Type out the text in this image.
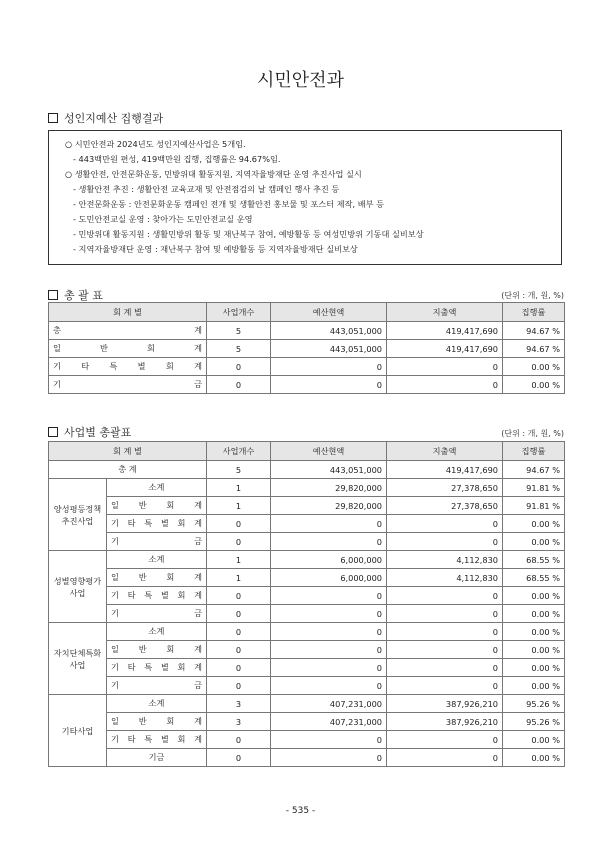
시민안전과
성인지예산 집행결과
○ 시민안전과 2024년도 성인지예산사업은 5개임.
- 443백만원 편성, 419백만원 집행, 집행률은 94.67%임.
○ 생활안전, 안전문화운동, 민방위대 활동지원, 지역자율방재단 운영 추진사업 실시
- 생활안전 추진 : 생활안전 교육교재 및 안전점검의 날 캠페인 행사 추진 등
- 안전문화운동 : 안전문화운동 캠페인 전개 및 생활안전 홍보물 및 포스터 제작, 배부 등
- 도민안전교실 운영 : 찾아가는 도민안전교실 운영
- 민방위대 활동지원 : 생활민방위 활동 및 재난복구 참여, 예방활동 등 여성민방위 기동대 실비보상
- 지역자율방재단 운영 : 재난복구 참여 및 예방활동 등 지역자율방재단 실비보상
총 괄 표	(단위 : 개, 원, %)
회 계 별	사업개수	예산현액	지출액	집행률
총 계	5	443,051,000	419,417,690	94.67 %
일 반 회 계	5	443,051,000	419,417,690	94.67 %
기 타 특 별 회 계	0	0	0	0.00 %
기 금	0	0	0	0.00 %
사업별 총괄표	(단위 : 개, 원, %)
회 계 별		사업개수	예산현액	지출액	집행률
총 계		5	443,051,000	419,417,690	94.67 %
양성평등정책 추진사업	소계	1	29,820,000	27,378,650	91.81 %
	일 반 회 계	1	29,820,000	27,378,650	91.81 %
	기 타 특 별 회 계	0	0	0	0.00 %
	기 금	0	0	0	0.00 %
성별영향평가 사업	소계	1	6,000,000	4,112,830	68.55 %
	일 반 회 계	1	6,000,000	4,112,830	68.55 %
	기 타 특 별 회 계	0	0	0	0.00 %
	기 금	0	0	0	0.00 %
자치단체특화 사업	소계	0	0	0	0.00 %
	일 반 회 계	0	0	0	0.00 %
	기 타 특 별 회 계	0	0	0	0.00 %
	기 금	0	0	0	0.00 %
기타사업	소계	3	407,231,000	387,926,210	95.26 %
	일 반 회 계	3	407,231,000	387,926,210	95.26 %
	기 타 특 별 회 계	0	0	0	0.00 %
	기금	0	0	0	0.00 %
- 535 -
